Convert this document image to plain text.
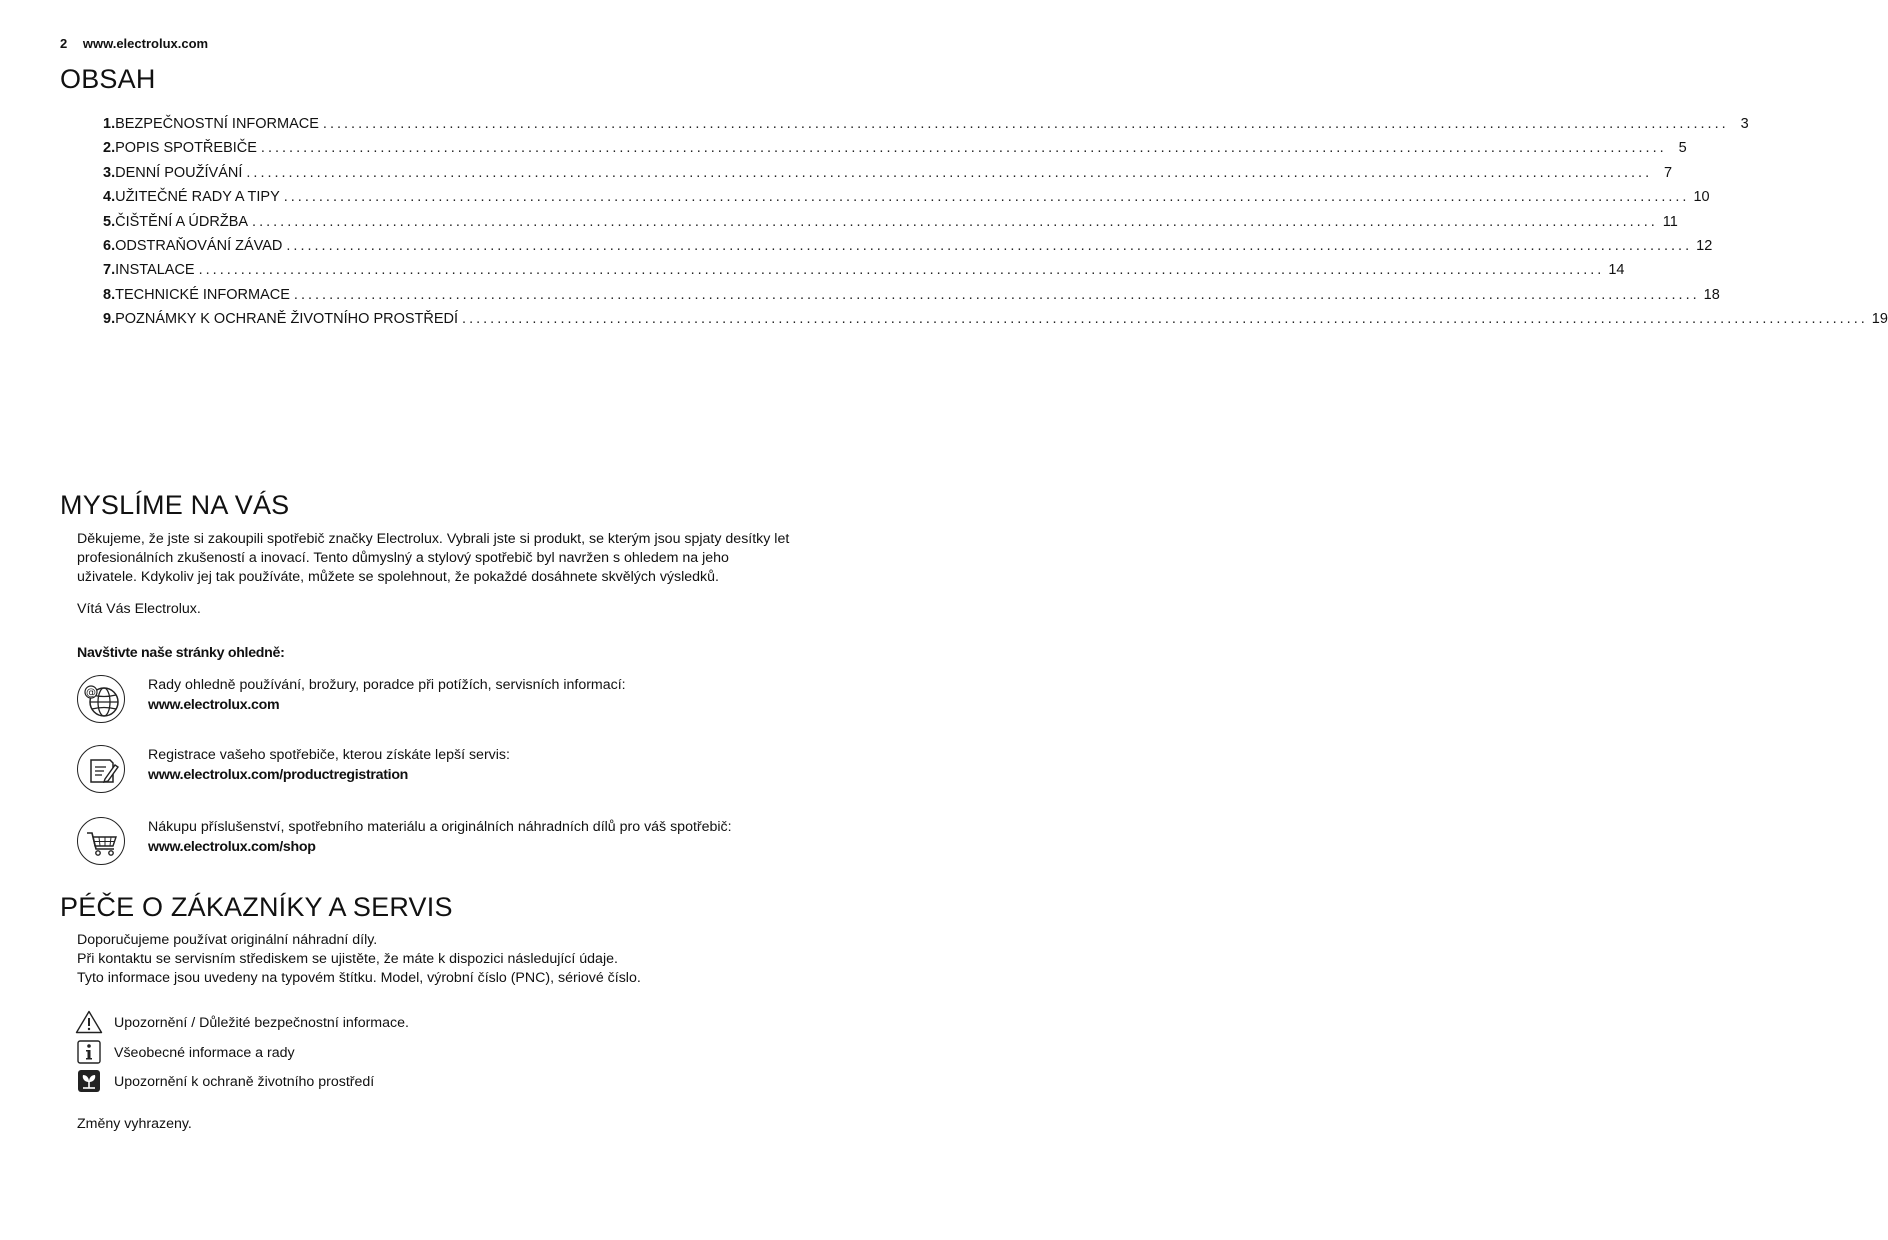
2 www.electrolux.com
OBSAH
1. BEZPEČNOSTNÍ INFORMACE ........................................................................................................................................................................................................ 3
2. POPIS SPOTŘEBIČE ........................................................................................................................................................................................................ 5
3. DENNÍ POUŽÍVÁNÍ ........................................................................................................................................................................................................ 7
4. UŽITEČNÉ RADY A TIPY ........................................................................................................................................................................................................ 10
5. ČIŠTĚNÍ A ÚDRŽBA ........................................................................................................................................................................................................ 11
6. ODSTRAŇOVÁNÍ ZÁVAD ........................................................................................................................................................................................................ 12
7. INSTALACE ........................................................................................................................................................................................................ 14
8. TECHNICKÉ INFORMACE ........................................................................................................................................................................................................ 18
9. POZNÁMKY K OCHRANĚ ŽIVOTNÍHO PROSTŘEDÍ ........................................................................................................................................................................................................ 19
MYSLÍME NA VÁS
Děkujeme, že jste si zakoupili spotřebič značky Electrolux. Vybrali jste si produkt, se kterým jsou spjaty desítky let
profesionálních zkušeností a inovací. Tento důmyslný a stylový spotřebič byl navržen s ohledem na jeho
uživatele. Kdykoliv jej tak používáte, můžete se spolehnout, že pokaždé dosáhnete skvělých výsledků.
Vítá Vás Electrolux.
Navštivte naše stránky ohledně:
@	Rady ohledně používání, brožury, poradce při potížích, servisních informací:
www.electrolux.com
Registrace vašeho spotřebiče, kterou získáte lepší servis:
www.electrolux.com/productregistration
Nákupu příslušenství, spotřebního materiálu a originálních náhradních dílů pro váš spotřebič:
www.electrolux.com/shop
PÉČE O ZÁKAZNÍKY A SERVIS
Doporučujeme používat originální náhradní díly.
Při kontaktu se servisním střediskem se ujistěte, že máte k dispozici následující údaje.
Tyto informace jsou uvedeny na typovém štítku. Model, výrobní číslo (PNC), sériové číslo.
Upozornění / Důležité bezpečnostní informace.
Všeobecné informace a rady
Upozornění k ochraně životního prostředí
Změny vyhrazeny.
